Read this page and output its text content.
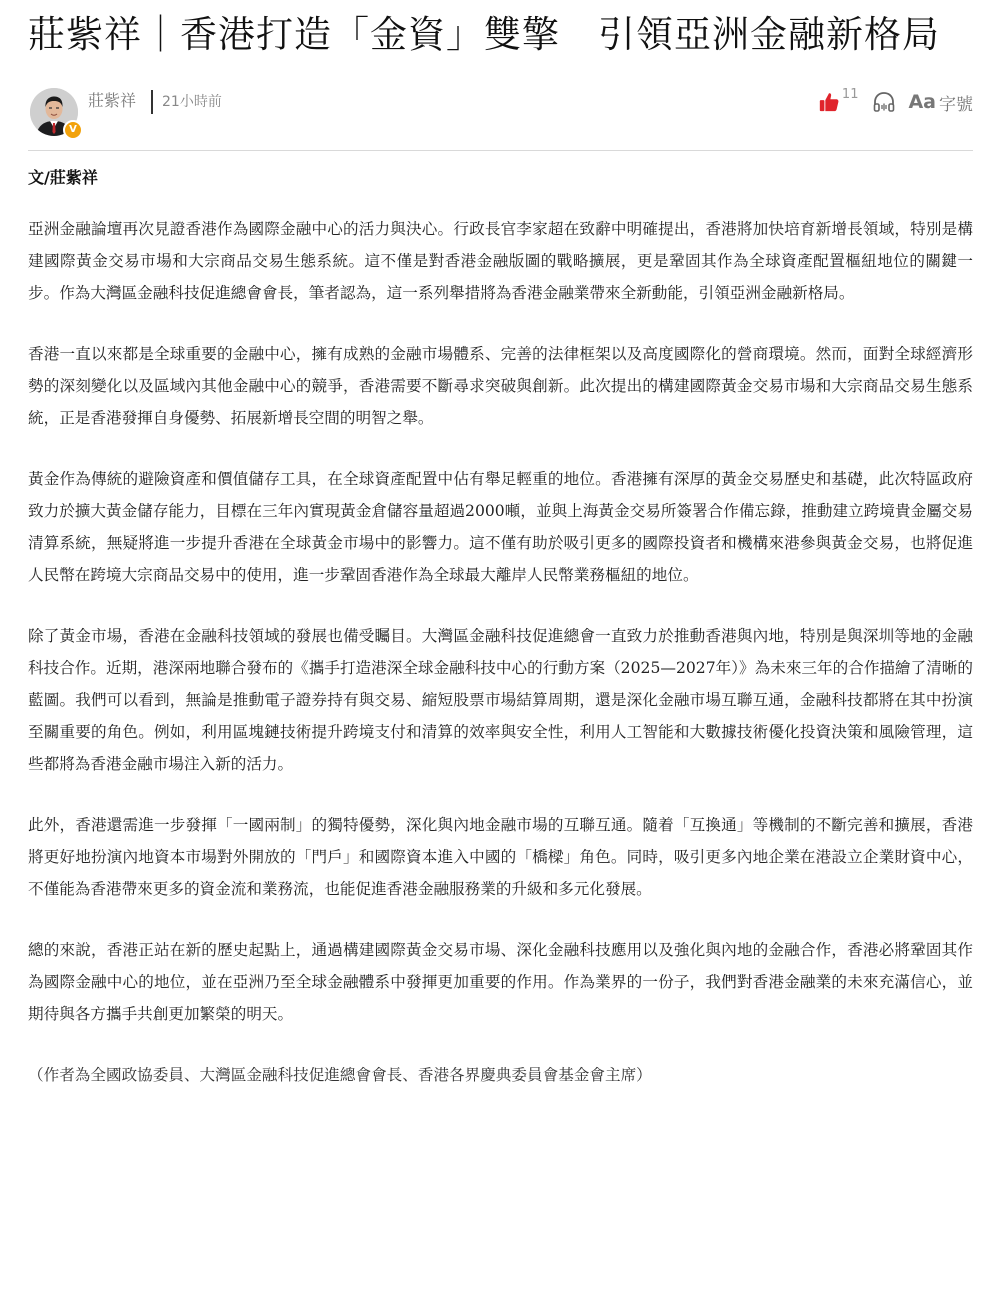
莊紫祥｜香港打造「金資」雙擎　引領亞洲金融新格局
V
莊紫祥 21小時前	11	Aa 字號

文/莊紫祥

亞洲金融論壇再次見證香港作為國際金融中心的活力與決心。行政長官李家超在致辭中明確提出，香港將加快培育新增長領域，特別是構建國際黃金交易市場和大宗商品交易生態系統。這不僅是對香港金融版圖的戰略擴展，更是鞏固其作為全球資產配置樞紐地位的關鍵一步。作為大灣區金融科技促進總會會長，筆者認為，這一系列舉措將為香港金融業帶來全新動能，引領亞洲金融新格局。

香港一直以來都是全球重要的金融中心，擁有成熟的金融市場體系、完善的法律框架以及高度國際化的營商環境。然而，面對全球經濟形勢的深刻變化以及區域內其他金融中心的競爭，香港需要不斷尋求突破與創新。此次提出的構建國際黃金交易市場和大宗商品交易生態系統，正是香港發揮自身優勢、拓展新增長空間的明智之舉。

黃金作為傳統的避險資產和價值儲存工具，在全球資產配置中佔有舉足輕重的地位。香港擁有深厚的黃金交易歷史和基礎，此次特區政府致力於擴大黃金儲存能力，目標在三年內實現黃金倉儲容量超過2000噸，並與上海黃金交易所簽署合作備忘錄，推動建立跨境貴金屬交易清算系統，無疑將進一步提升香港在全球黃金市場中的影響力。這不僅有助於吸引更多的國際投資者和機構來港參與黃金交易，也將促進人民幣在跨境大宗商品交易中的使用，進一步鞏固香港作為全球最大離岸人民幣業務樞紐的地位。

除了黃金市場，香港在金融科技領域的發展也備受矚目。大灣區金融科技促進總會一直致力於推動香港與內地，特別是與深圳等地的金融科技合作。近期，港深兩地聯合發布的《攜手打造港深全球金融科技中心的行動方案（2025—2027年）》為未來三年的合作描繪了清晰的藍圖。我們可以看到，無論是推動電子證券持有與交易、縮短股票市場結算周期，還是深化金融市場互聯互通，金融科技都將在其中扮演至關重要的角色。例如，利用區塊鏈技術提升跨境支付和清算的效率與安全性，利用人工智能和大數據技術優化投資決策和風險管理，這些都將為香港金融市場注入新的活力。

此外，香港還需進一步發揮「一國兩制」的獨特優勢，深化與內地金融市場的互聯互通。隨着「互換通」等機制的不斷完善和擴展，香港將更好地扮演內地資本市場對外開放的「門戶」和國際資本進入中國的「橋樑」角色。同時，吸引更多內地企業在港設立企業財資中心，不僅能為香港帶來更多的資金流和業務流，也能促進香港金融服務業的升級和多元化發展。

總的來說，香港正站在新的歷史起點上，通過構建國際黃金交易市場、深化金融科技應用以及強化與內地的金融合作，香港必將鞏固其作為國際金融中心的地位，並在亞洲乃至全球金融體系中發揮更加重要的作用。作為業界的一份子，我們對香港金融業的未來充滿信心，並期待與各方攜手共創更加繁榮的明天。

（作者為全國政協委員、大灣區金融科技促進總會會長、香港各界慶典委員會基金會主席）
